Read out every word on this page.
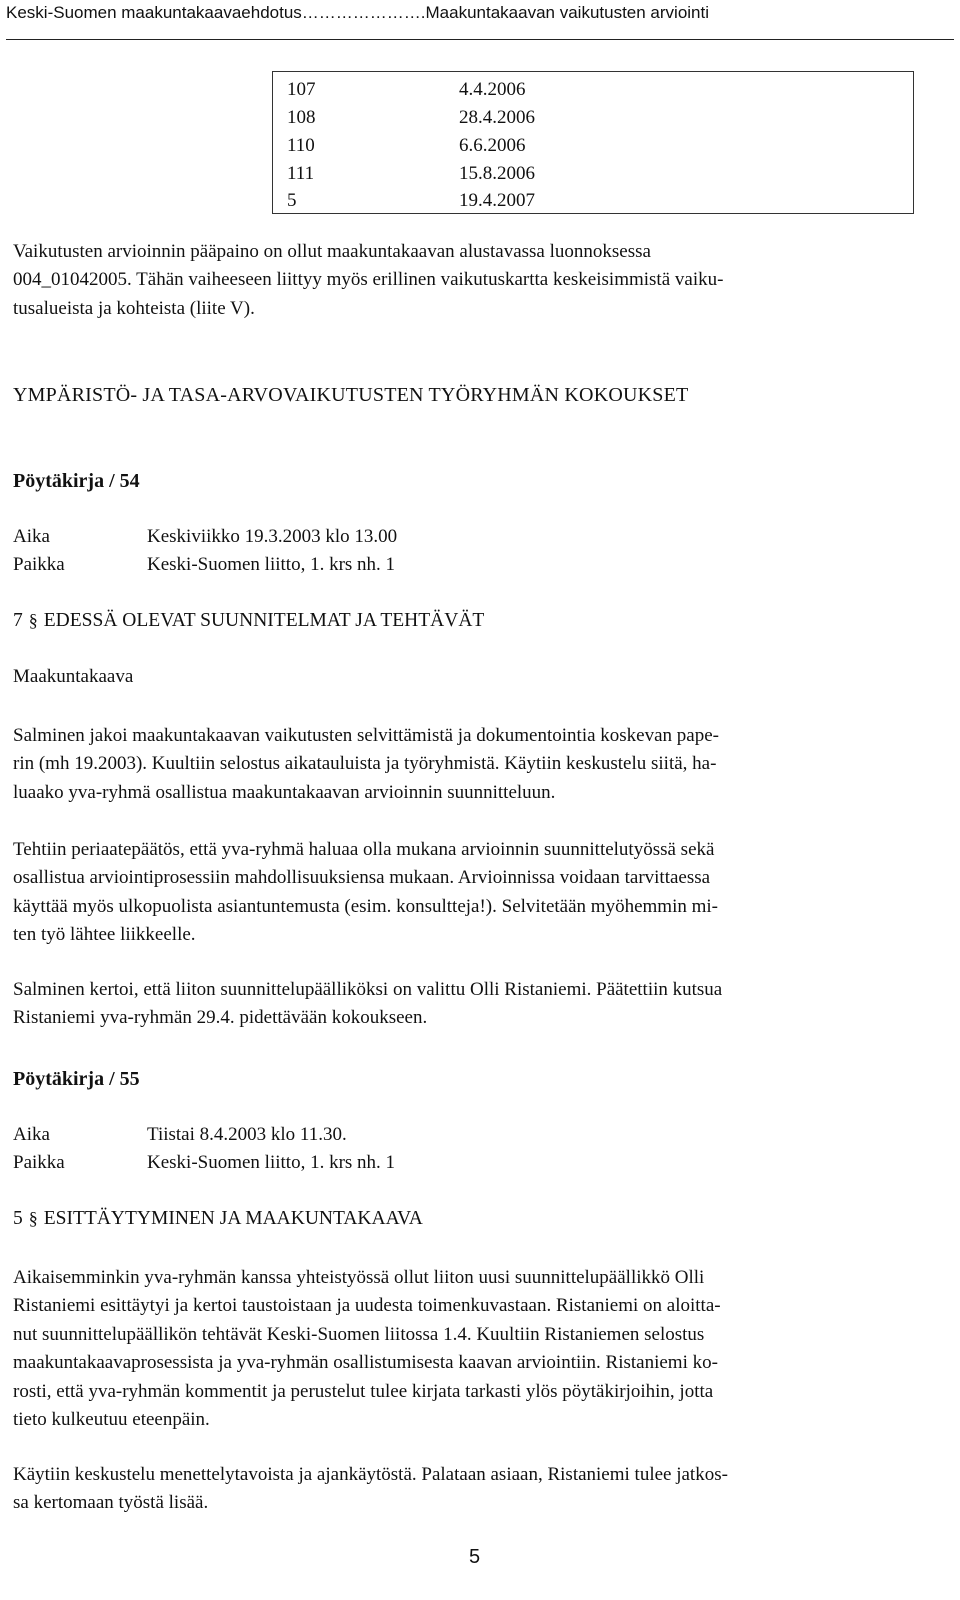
Keski-Suomen maakuntakaavaehdotus………………….Maakuntakaavan vaikutusten arviointi
107	4.4.2006
108	28.4.2006
110	6.6.2006
111	15.8.2006
5	19.4.2007
Vaikutusten arvioinnin pääpaino on ollut maakuntakaavan alustavassa luonnoksessa
004_01042005. Tähän vaiheeseen liittyy myös erillinen vaikutuskartta keskeisimmistä vaiku-
tusalueista ja kohteista (liite V).
YMPÄRISTÖ- JA TASA-ARVOVAIKUTUSTEN TYÖRYHMÄN KOKOUKSET
Pöytäkirja / 54
Aika	Keskiviikko 19.3.2003 klo 13.00
Paikka	Keski-Suomen liitto, 1. krs nh. 1
7 § EDESSÄ OLEVAT SUUNNITELMAT JA TEHTÄVÄT
Maakuntakaava
Salminen jakoi maakuntakaavan vaikutusten selvittämistä ja dokumentointia koskevan pape-
rin (mh 19.2003). Kuultiin selostus aikatauluista ja työryhmistä. Käytiin keskustelu siitä, ha-
luaako yva-ryhmä osallistua maakuntakaavan arvioinnin suunnitteluun.
Tehtiin periaatepäätös, että yva-ryhmä haluaa olla mukana arvioinnin suunnittelutyössä sekä
osallistua arviointiprosessiin mahdollisuuksiensa mukaan. Arvioinnissa voidaan tarvittaessa
käyttää myös ulkopuolista asiantuntemusta (esim. konsultteja!). Selvitetään myöhemmin mi-
ten työ lähtee liikkeelle.
Salminen kertoi, että liiton suunnittelupäälliköksi on valittu Olli Ristaniemi. Päätettiin kutsua
Ristaniemi yva-ryhmän 29.4. pidettävään kokoukseen.
Pöytäkirja / 55
Aika	Tiistai 8.4.2003 klo 11.30.
Paikka	Keski-Suomen liitto, 1. krs nh. 1
5 § ESITTÄYTYMINEN JA MAAKUNTAKAAVA
Aikaisemminkin yva-ryhmän kanssa yhteistyössä ollut liiton uusi suunnittelupäällikkö Olli
Ristaniemi esittäytyi ja kertoi taustoistaan ja uudesta toimenkuvastaan. Ristaniemi on aloitta-
nut suunnittelupäällikön tehtävät Keski-Suomen liitossa 1.4. Kuultiin Ristaniemen selostus
maakuntakaavaprosessista ja yva-ryhmän osallistumisesta kaavan arviointiin. Ristaniemi ko-
rosti, että yva-ryhmän kommentit ja perustelut tulee kirjata tarkasti ylös pöytäkirjoihin, jotta
tieto kulkeutuu eteenpäin.
Käytiin keskustelu menettelytavoista ja ajankäytöstä. Palataan asiaan, Ristaniemi tulee jatkos-
sa kertomaan työstä lisää.
5
